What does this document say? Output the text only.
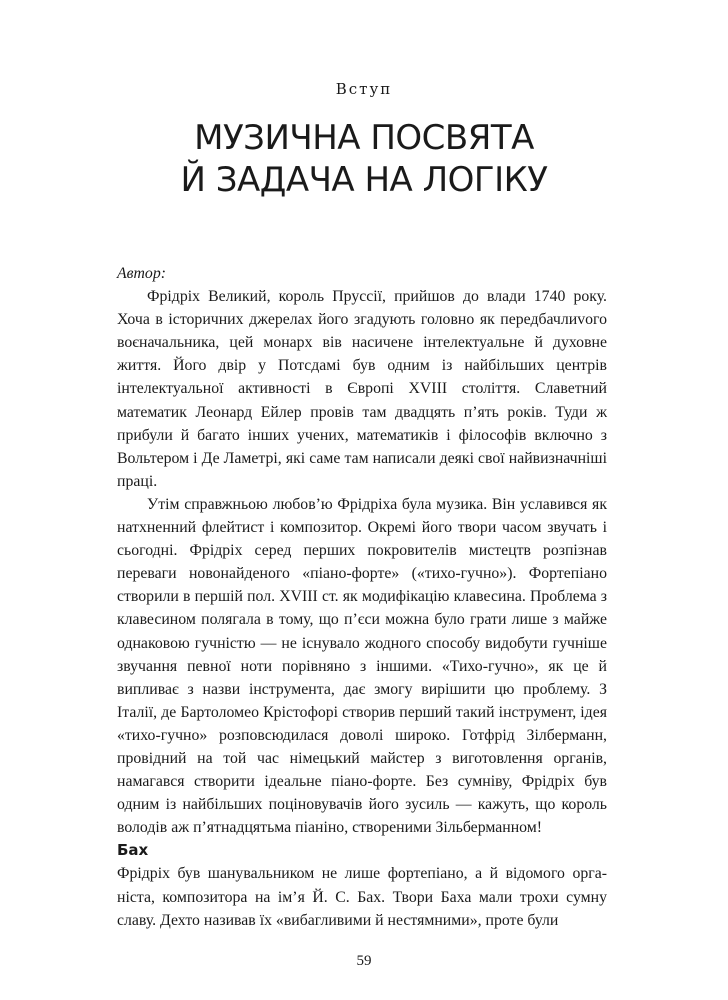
Вступ
МУЗИЧНА ПОСВЯТА
Й ЗАДАЧА НА ЛОГІКУ

Автор:

Фрідріх Великий, король Пруссії, прийшов до влади 1740 року. Хоча в історичних джерелах його згадують головно як передбачлиvого воєначальника, цей монарх вів насичене інтелектуальне й духовне життя. Його двір у Потсдамі був одним із найбільших центрів інтелектуальної активності в Європі XVIII століття. Славетний математик Леонард Ейлер провів там двадцять п’ять років. Туди ж прибули й багато інших учених, математиків і філософів включно з Вольтером і Де Ламетрі, які саме там написали деякі свої найвизначніші праці.

Утім справжньою любов’ю Фрідріха була музика. Він уславився як натхненний флейтист і композитор. Окремі його твори часом звучать і сьогодні. Фрідріх серед перших покровителів мистецтв розпізнав переваги новонайденого «піано-форте» («тихо-гучно»). Фортепіано створили в першій пол. XVIII ст. як модифікацію клавесина. Проблема з клавесином полягала в тому, що п’єси можна було грати лише з майже однаковою гучністю — не існувало жодного способу видобути гучніше звучання певної ноти порівняно з іншими. «Тихо-гучно», як це й випливає з назви інструмента, дає змогу вирішити цю проблему. З Італії, де Бартоломео Крістофорі створив перший такий інструмент, ідея «тихо-гучно» розповсюдилася доволі широко. Готфрід Зілберманн, провідний на той час німецький майстер з виготовлення органів, намагався створити ідеальне піано-форте. Без сумніву, Фрідріх був одним із найбільших поціновувачів його зусиль — кажуть, що король володів аж п’ятнадцятьма піаніно, створеними Зільберманном!

Бах

Фрідріх був шанувальником не лише фортепіано, а й відомого органіста, композитора на ім’я Й. С. Бах. Твори Баха мали трохи сумну славу. Дехто називав їх «вибагливими й нестямними», проте були

59
